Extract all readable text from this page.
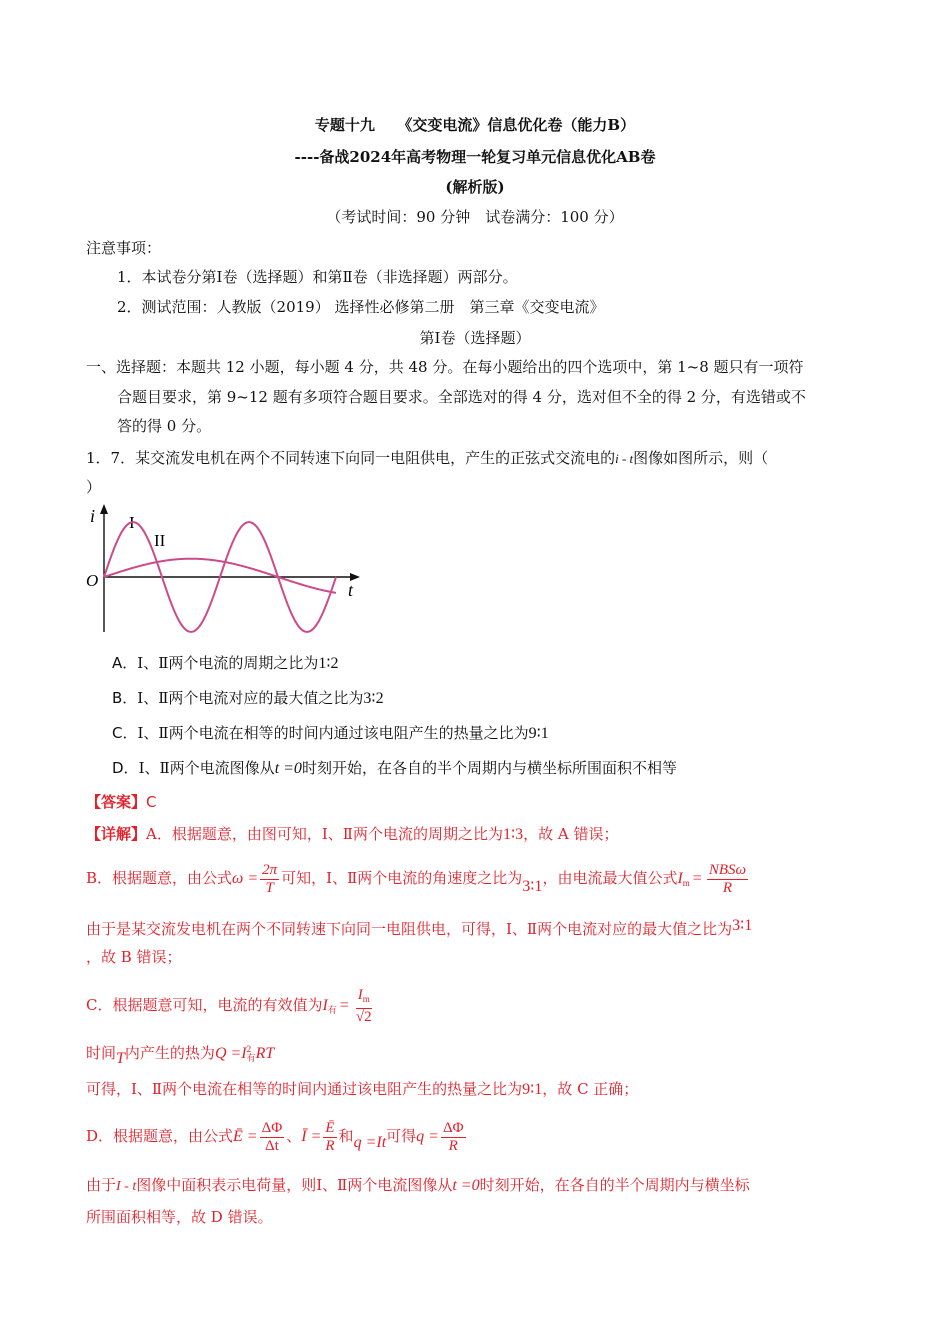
专题十九　　《交变电流》信息优化卷（能力B）
----备战2024年高考物理一轮复习单元信息优化AB卷
(解析版)
（考试时间：90 分钟　试卷满分：100 分）
注意事项：
1．本试卷分第Ⅰ卷（选择题）和第Ⅱ卷（非选择题）两部分。
2．测试范围：人教版（2019） 选择性必修第二册　第三章《交变电流》
第Ⅰ卷（选择题）
一、选择题：本题共 12 小题，每小题 4 分，共 48 分。在每小题给出的四个选项中，第 1~8 题只有一项符
合题目要求，第 9~12 题有多项符合题目要求。全部选对的得 4 分，选对但不全的得 2 分，有选错或不
答的得 0 分。
1．7．某交流发电机在两个不同转速下向同一电阻供电，产生的正弦式交流电的i - t图像如图所示，则（
）
i
t
O
I
II
A．Ⅰ、Ⅱ两个电流的周期之比为1∶2
B．Ⅰ、Ⅱ两个电流对应的最大值之比为3∶2
C．Ⅰ、Ⅱ两个电流在相等的时间内通过该电阻产生的热量之比为9∶1
D．Ⅰ、Ⅱ两个电流图像从t =0时刻开始，在各自的半个周期内与横坐标所围面积不相等
【答案】C
【详解】A．根据题意，由图可知，Ⅰ、Ⅱ两个电流的周期之比为1∶3，故 A 错误；
B．根据题意，由公式$\omega = \frac{2\pi}{T}$ 可知，Ⅰ、Ⅱ两个电流的角速度之比为3∶1，由电流最大值公式$I_m = \frac{\text{NBSω}}{R}$
由于是某交流发电机在两个不同转速下向同一电阻供电，可得，Ⅰ、Ⅱ两个电流对应的最大值之比为3∶1
，故 B 错误；
C．根据题意可知，电流的有效值为$I_有 = \frac{I_m}{√2}$
时间T内产生的热为Q =I 2
有 RT
可得，Ⅰ、Ⅱ两个电流在相等的时间内通过该电阻产生的热量之比为9∶1，故 C 正确；
D．根据题意，由公式Ē = $\frac{\Delta\Phi}{\Delta t}$ 、Ī = $\frac{Ē}{R}$ 和q =It可得$q = \frac{\Delta\Phi}{R}$
由于I - t图像中面积表示电荷量，则Ⅰ、Ⅱ两个电流图像从t =0时刻开始，在各自的半个周期内与横坐标
所围面积相等，故 D 错误。
